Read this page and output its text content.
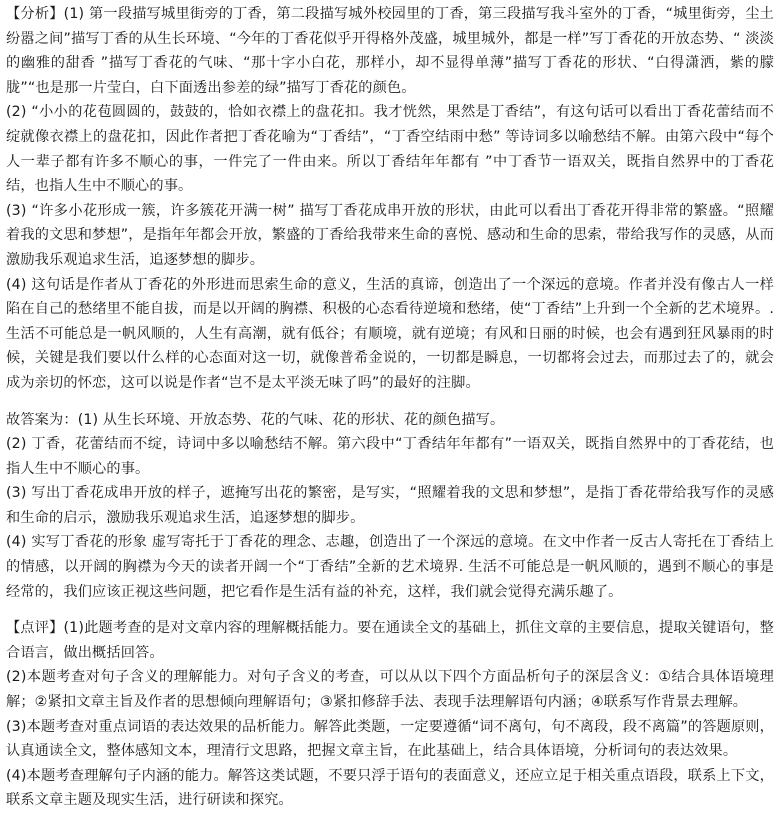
【分析】(1) 第一段描写城里街旁的丁香，第二段描写城外校园里的丁香，第三段描写我斗室外的丁香，“城里街旁，尘土纷嚣之间”描写丁香的从生长环境、“今年的丁香花似乎开得格外茂盛，城里城外，都是一样”写丁香花的开放态势、“ 淡淡的幽雅的甜香 ”描写丁香花的气味、“那十字小白花，那样小，却不显得单薄”描写丁香花的形状、“白得潇洒，紫的朦胧”“也是那一片莹白，白下面透出参差的绿”描写丁香花的颜色。

(2) “小小的花苞圆圆的，鼓鼓的，恰如衣襟上的盘花扣。我才恍然，果然是丁香结”，有这句话可以看出丁香花蕾结而不绽就像衣襟上的盘花扣，因此作者把丁香花喻为“丁香结”，“丁香空结雨中愁” 等诗词多以喻愁结不解。由第六段中“每个人一辈子都有许多不顺心的事，一件完了一件由来。所以丁香结年年都有 ”中丁香节一语双关，既指自然界中的丁香花结，也指人生中不顺心的事。

(3) “许多小花形成一簇，许多簇花开满一树” 描写丁香花成串开放的形状，由此可以看出丁香花开得非常的繁盛。“照耀着我的文思和梦想”，是指年年都会开放，繁盛的丁香给我带来生命的喜悦、感动和生命的思索，带给我写作的灵感，从而激励我乐观追求生活，追逐梦想的脚步。

(4) 这句话是作者从丁香花的外形进而思索生命的意义，生活的真谛，创造出了一个深远的意境。作者并没有像古人一样陷在自己的愁绪里不能自拔，而是以开阔的胸襟、积极的心态看待逆境和愁绪，使“丁香结”上升到一个全新的艺术境界。. 生活不可能总是一帆风顺的，人生有高潮，就有低谷；有顺境，就有逆境；有风和日丽的时候，也会有遇到狂风暴雨的时候，关键是我们要以什么样的心态面对这一切，就像普希金说的，一切都是瞬息，一切都将会过去，而那过去了的，就会成为亲切的怀恋，这可以说是作者“岂不是太平淡无味了吗”的最好的注脚。

故答案为：(1) 从生长环境、开放态势、花的气味、花的形状、花的颜色描写。

(2) 丁香，花蕾结而不绽，诗词中多以喻愁结不解。第六段中“丁香结年年都有”一语双关，既指自然界中的丁香花结，也指人生中不顺心的事。

(3) 写出丁香花成串开放的样子，遮掩写出花的繁密，是写实，“照耀着我的文思和梦想”，是指丁香花带给我写作的灵感和生命的启示，激励我乐观追求生活，追逐梦想的脚步。

(4) 实写丁香花的形象 虚写寄托于丁香花的理念、志趣，创造出了一个深远的意境。在文中作者一反古人寄托在丁香结上的情感，以开阔的胸襟为今天的读者开阔一个“丁香结”全新的艺术境界. 生活不可能总是一帆风顺的，遇到不顺心的事是经常的，我们应该正视这些问题，把它看作是生活有益的补充，这样，我们就会觉得充满乐趣了。

【点评】(1)此题考查的是对文章内容的理解概括能力。要在通读全文的基础上，抓住文章的主要信息，提取关键语句，整合语言，做出概括回答。

(2)本题考查对句子含义的理解能力。对句子含义的考查，可以从以下四个方面品析句子的深层含义：①结合具体语境理解；②紧扣文章主旨及作者的思想倾向理解语句；③紧扣修辞手法、表现手法理解语句内涵；④联系写作背景去理解。

(3)本题考查对重点词语的表达效果的品析能力。解答此类题，一定要遵循“词不离句，句不离段，段不离篇”的答题原则，认真通读全文，整体感知文本，理清行文思路，把握文章主旨，在此基础上，结合具体语境，分析词句的表达效果。

(4)本题考查理解句子内涵的能力。解答这类试题，不要只浮于语句的表面意义，还应立足于相关重点语段，联系上下文，联系文章主题及现实生活，进行研读和探究。
